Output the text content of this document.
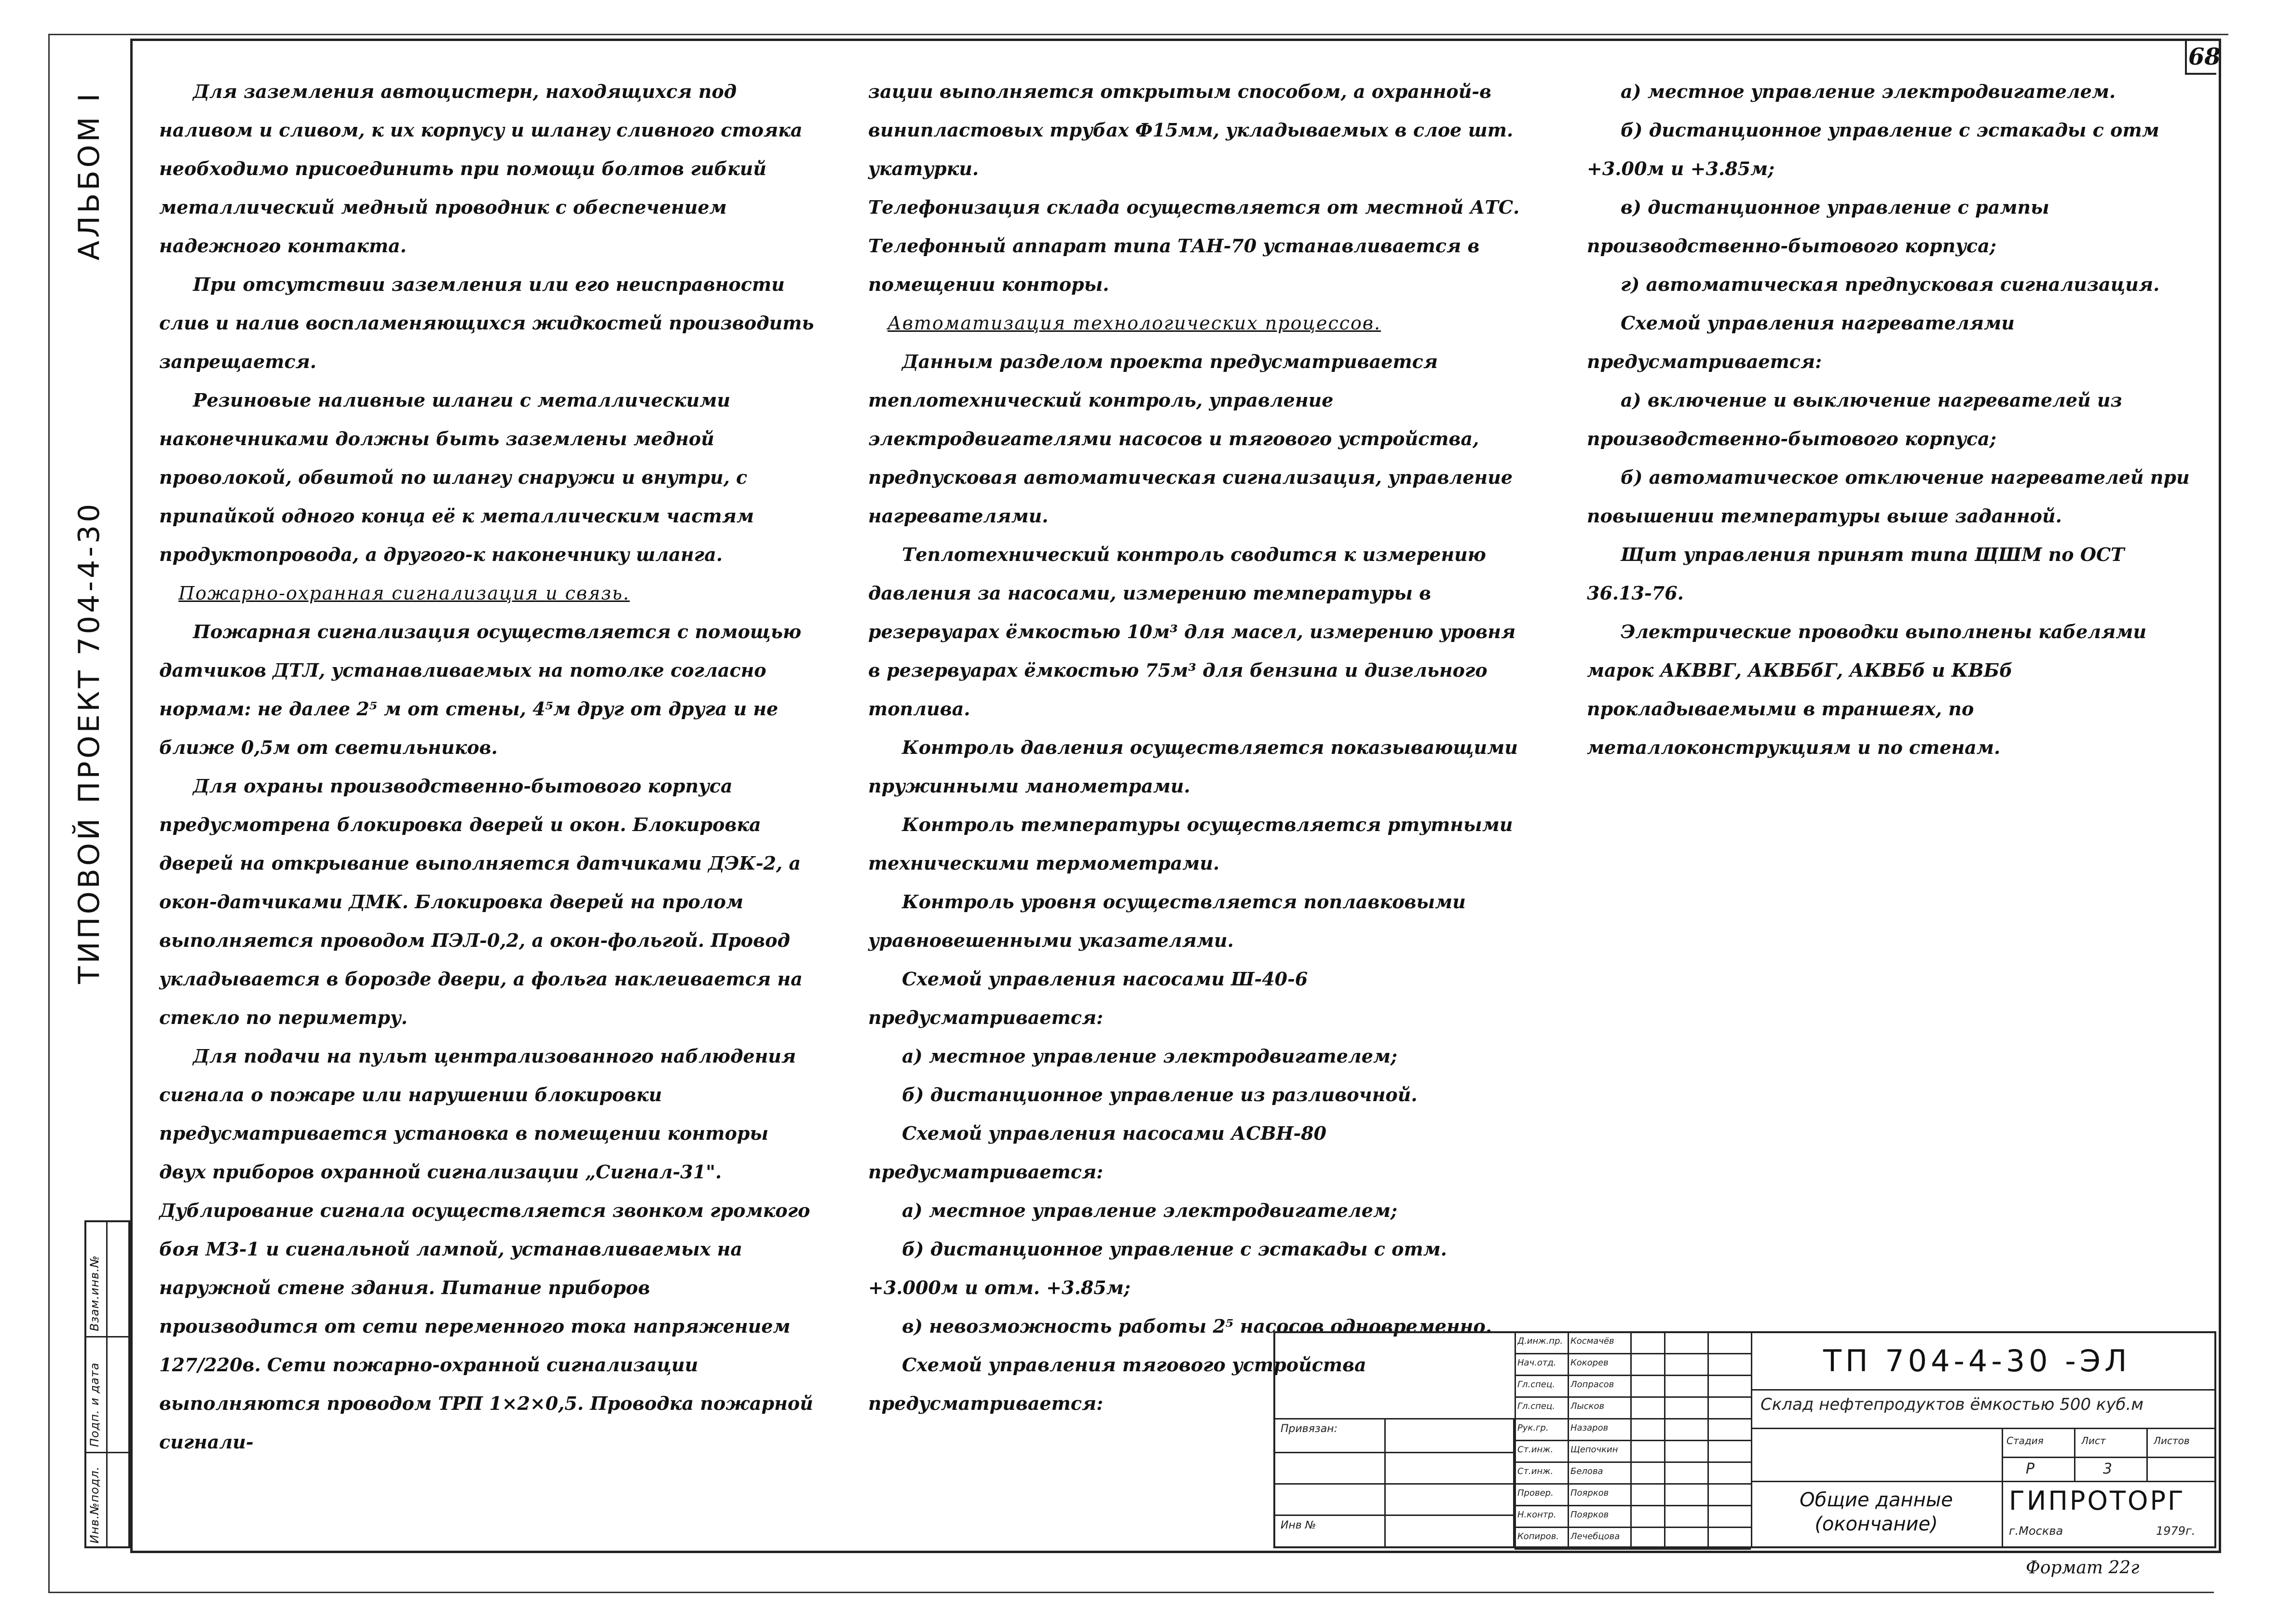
68
АЛЬБОМ I
ТИПОВОЙ ПРОЕКТ 704-4-30
Инв.№подл.
Подп. и дата
Взам.инв.№

Для заземления автоцистерн, находящихся под наливом и сливом, к их корпусу и шлангу сливного стояка необходимо присоединить при помощи болтов гибкий металлический медный проводник с обеспечением надежного контакта.

При отсутствии заземления или его неисправности слив и налив воспламеняющихся жидкостей производить запрещается.

Резиновые наливные шланги с металлическими наконечниками должны быть заземлены медной проволокой, обвитой по шлангу снаружи и внутри, с припайкой одного конца её к металлическим частям продуктопровода, а другого-к наконечнику шланга.

Пожарно-охранная сигнализация и связь.

Пожарная сигнализация осуществляется с помощью датчиков ДТЛ, устанавливаемых на потолке согласно нормам: не далее 2⁵ м от стены, 4⁵м друг от друга и не ближе 0,5м от светильников.

Для охраны производственно-бытового корпуса предусмотрена блокировка дверей и окон. Блокировка дверей на открывание выполняется датчиками ДЭК-2, а окон-датчиками ДМК. Блокировка дверей на пролом выполняется проводом ПЭЛ-0,2, а окон-фольгой. Провод укладывается в борозде двери, а фольга наклеивается на стекло по периметру.

Для подачи на пульт централизованного наблюдения сигнала о пожаре или нарушении блокировки предусматривается установка в помещении конторы двух приборов охранной сигнализации „Сигнал-31". Дублирование сигнала осуществляется звонком громкого боя МЗ-1 и сигнальной лампой, устанавливаемых на наружной стене здания. Питание приборов производится от сети переменного тока напряжением 127/220в. Сети пожарно-охранной сигнализации выполняются проводом ТРП 1×2×0,5. Проводка пожарной сигнали-

зации выполняется открытым способом, а охранной-в винипластовых трубах Ф15мм, укладываемых в слое шт. укатурки.

Телефонизация склада осуществляется от местной АТС. Телефонный аппарат типа ТАН-70 устанавливается в помещении конторы.

Автоматизация технологических процессов.

Данным разделом проекта предусматривается теплотехнический контроль, управление электродвигателями насосов и тягового устройства, предпусковая автоматическая сигнализация, управление нагревателями.

Теплотехнический контроль сводится к измерению давления за насосами, измерению температуры в резервуарах ёмкостью 10м³ для масел, измерению уровня в резервуарах ёмкостью 75м³ для бензина и дизельного топлива.

Контроль давления осуществляется показывающими пружинными манометрами.

Контроль температуры осуществляется ртутными техническими термометрами.

Контроль уровня осуществляется поплавковыми уравновешенными указателями.

Схемой управления насосами Ш-40-6 предусматривается:

а) местное управление электродвигателем;

б) дистанционное управление из разливочной.

Схемой управления насосами АСВН-80 предусматривается:

а) местное управление электродвигателем;

б) дистанционное управление с эстакады с отм. +3.000м и отм. +3.85м;

в) невозможность работы 2⁵ насосов одновременно.

Схемой управления тягового устройства предусматривается:

а) местное управление электродвигателем.

б) дистанционное управление с эстакады с отм +3.00м и +3.85м;

в) дистанционное управление с рампы производственно-бытового корпуса;

г) автоматическая предпусковая сигнализация.

Схемой управления нагревателями предусматривается:

а) включение и выключение нагревателей из производственно-бытового корпуса;

б) автоматическое отключение нагревателей при повышении температуры выше заданной.

Щит управления принят типа ЩШМ по ОСТ 36.13-76.

Электрические проводки выполнены кабелями марок АКВВГ, АКВБбГ, АКВБб и КВБб прокладываемыми в траншеях, по металлоконструкциям и по стенам.

Привязан:
Инв №
Д.инж.пр. Космачёв
Нач.отд.	Кокорев
Гл.спец.	Лопрасов
Гл.спец.	Лысков
Рук.гр.	Назаров
Ст.инж.	Щепочкин
Ст.инж.	Белова
Провер.	Поярков
Н.контр.	Поярков
Копиров.	Лечебцова
ТП 704-4-30 -ЭЛ
Склад нефтепродуктов ёмкостью 500 куб.м
Стадия	Лист	Листов
Р	3
Общие данные (окончание)
ГИПРОТОРГ
г.Москва	1979г.
Формат 22г
